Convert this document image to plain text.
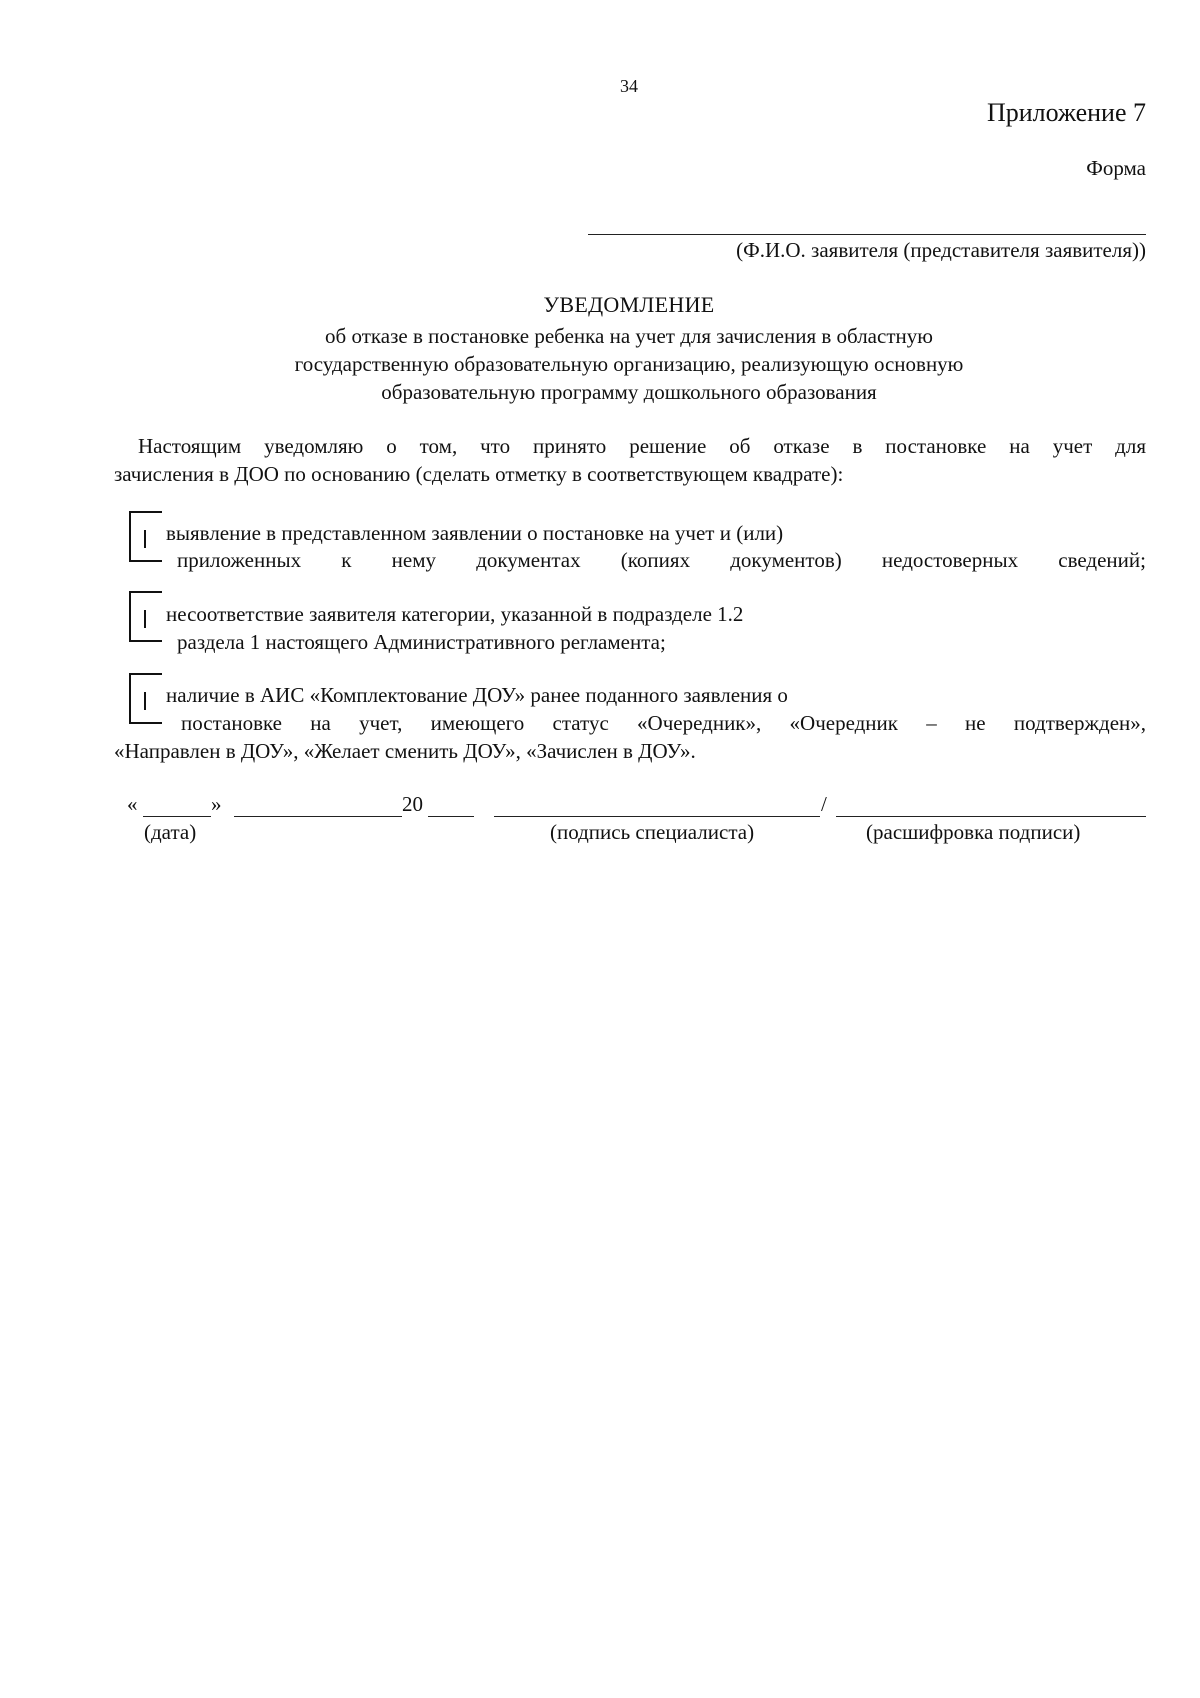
34
Приложение 7
Форма
(Ф.И.О. заявителя (представителя заявителя))
УВЕДОМЛЕНИЕ
об отказе в постановке ребенка на учет для зачисления в областную
государственную образовательную организацию, реализующую основную
образовательную программу дошкольного образования
Настоящим уведомляю о том, что принято решение об отказе в постановке на учет для
зачисления в ДОО по основанию (сделать отметку в соответствующем квадрате):
выявление в представленном заявлении о постановке на учет и (или)
приложенных к нему документах (копиях документов) недостоверных сведений;
несоответствие заявителя категории, указанной в подразделе 1.2
раздела 1 настоящего Административного регламента;
наличие в АИС «Комплектование ДОУ» ранее поданного заявления о
постановке на учет, имеющего статус «Очередник», «Очередник – не подтвержден»,
«Направлен в ДОУ», «Желает сменить ДОУ», «Зачислен в ДОУ».
«	»	20	/
(дата)	(подпись специалиста)	(расшифровка подписи)
